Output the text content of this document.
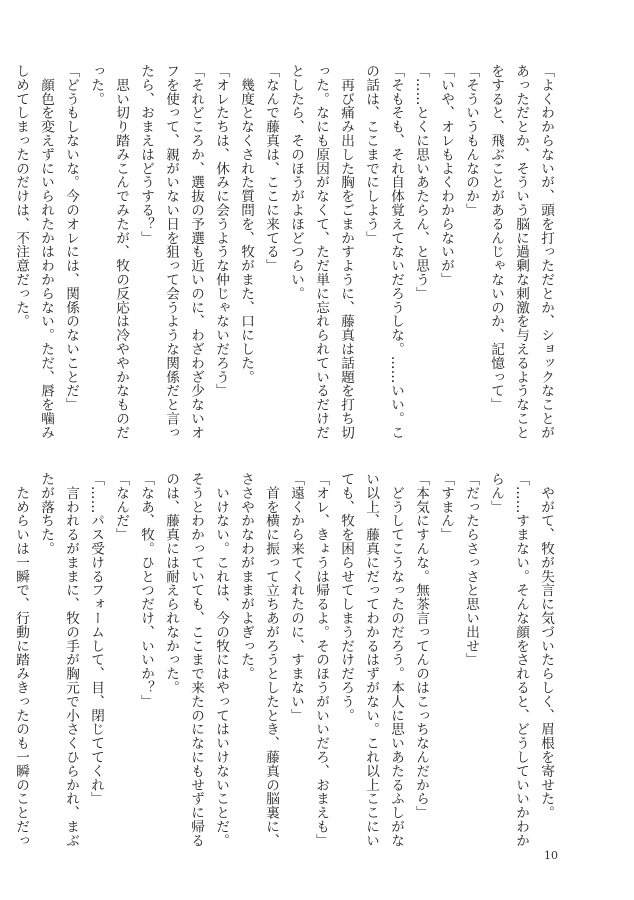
「よくわからないが、頭を打っただとか、ショックなことが
あっただとか、そういう脳に過剰な刺激を与えるようなこと
をすると、飛ぶことがあるんじゃないのか、記憶って」
「そういうもんなのか」
「いや、オレもよくわからないが」
「……とくに思いあたらん、と思う」
「そもそも、それ自体覚えてないだろうしな。……いい。こ
の話は、ここまでにしよう」
　再び痛み出した胸をごまかすように、藤真は話題を打ち切
った。なにも原因がなくて、ただ単に忘れられているだけだ
としたら、そのほうがよほどつらい。
「なんで藤真は、ここに来てる」
　幾度となくされた質問を、牧がまた、口にした。
「オレたちは、休みに会うような仲じゃないだろう」
「それどころか、選抜の予選も近いのに、わざわざ少ないオ
フを使って、親がいない日を狙って会うような関係だと言っ
たら、おまえはどうする？」
　思い切り踏みこんでみたが、牧の反応は冷ややかなものだ
った。
「どうもしないな。今のオレには、関係のないことだ」
　顔色を変えずにいられたかはわからない。ただ、唇を噛み
しめてしまったのだけは、不注意だった。
　やがて、牧が失言に気づいたらしく、眉根を寄せた。
「……すまない。そんな顔をされると、どうしていいかわか
らん」
「だったらさっさと思い出せ」
「すまん」
「本気にすんな。無茶言ってんのはこっちなんだから」
　どうしてこうなったのだろう。本人に思いあたるふしがな
い以上、藤真にだってわかるはずがない。これ以上ここにい
ても、牧を困らせてしまうだけだろう。
「オレ、きょうは帰るよ。そのほうがいいだろ、おまえも」
「遠くから来てくれたのに、すまない」
　首を横に振って立ちあがろうとしたとき、藤真の脳裏に、
ささやかなわがままがよぎった。
　いけない。これは、今の牧にはやってはいけないことだ。
そうとわかっていても、ここまで来たのになにもせずに帰る
のは、藤真には耐えられなかった。
「なあ、牧。ひとつだけ、いいか？」
「なんだ」
「……パス受けるフォームして、目、閉じててくれ」
　言われるがままに、牧の手が胸元で小さくひらかれ、まぶ
たが落ちた。
　ためらいは一瞬で、行動に踏みきったのも一瞬のことだっ
10
